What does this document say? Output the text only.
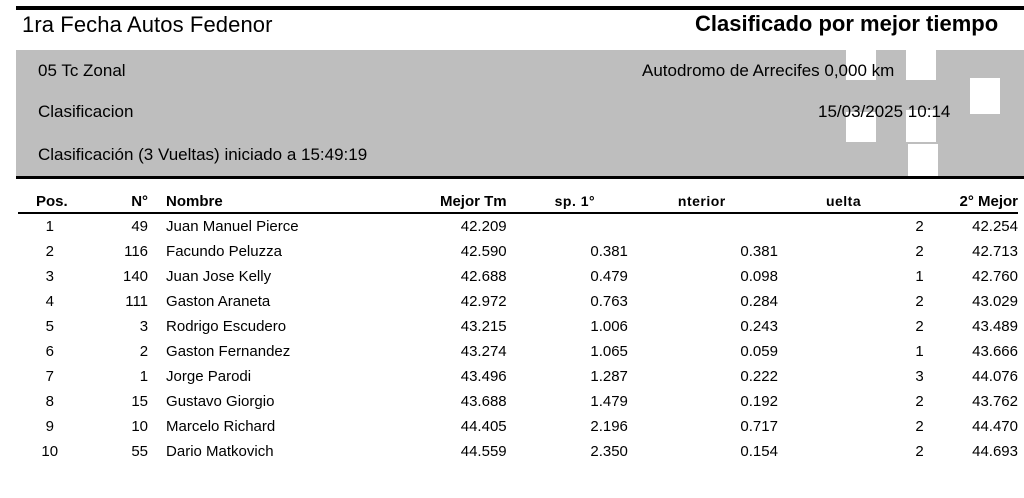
1ra Fecha Autos Fedenor	Clasificado por mejor tiempo
05 Tc Zonal	Autodromo de Arrecifes 0,000 km
Clasificacion	15/03/2025 10:14
Clasificación (3 Vueltas) iniciado a 15:49:19
Pos.	N°	Nombre	Mejor Tm	sp. 1°	nterior	uelta	2° Mejor
1	49	Juan Manuel Pierce	42.209			2	42.254
2	116	Facundo Peluzza	42.590	0.381	0.381	2	42.713
3	140	Juan Jose Kelly	42.688	0.479	0.098	1	42.760
4	111	Gaston Araneta	42.972	0.763	0.284	2	43.029
5	3	Rodrigo Escudero	43.215	1.006	0.243	2	43.489
6	2	Gaston Fernandez	43.274	1.065	0.059	1	43.666
7	1	Jorge Parodi	43.496	1.287	0.222	3	44.076
8	15	Gustavo Giorgio	43.688	1.479	0.192	2	43.762
9	10	Marcelo Richard	44.405	2.196	0.717	2	44.470
10	55	Dario Matkovich	44.559	2.350	0.154	2	44.693
